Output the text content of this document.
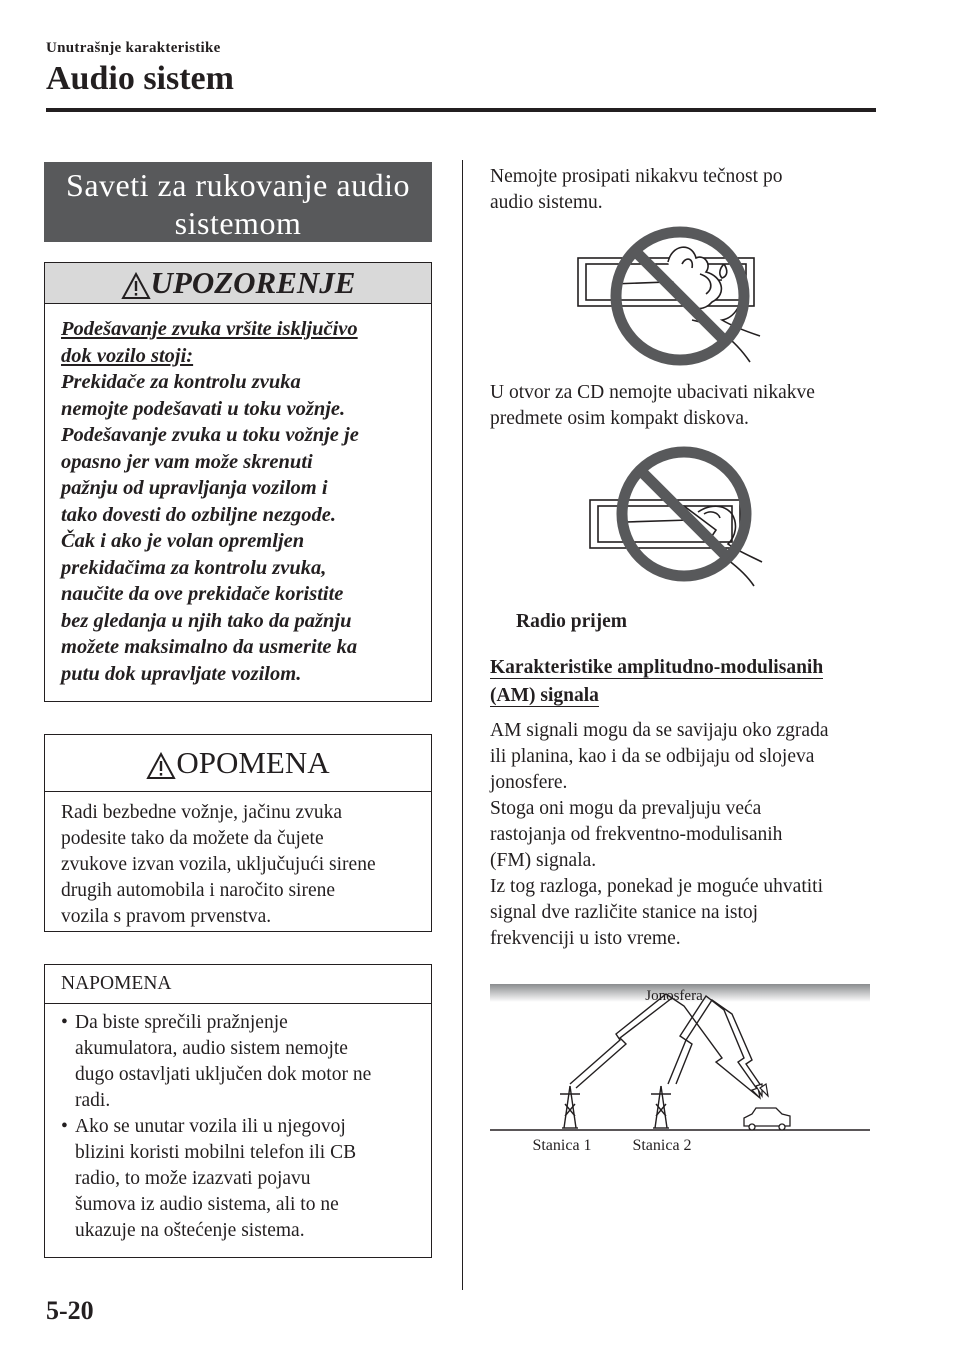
Unutrašnje karakteristike
Audio sistem
Saveti za rukovanje audio
sistemom
UPOZORENJE
Podešavanje zvuka vršite isključivo
dok vozilo stoji:
Prekidače za kontrolu zvuka
nemojte podešavati u toku vožnje.
Podešavanje zvuka u toku vožnje je
opasno jer vam može skrenuti
pažnju od upravljanja vozilom i
tako dovesti do ozbiljne nezgode.
Čak i ako je volan opremljen
prekidačima za kontrolu zvuka,
naučite da ove prekidače koristite
bez gledanja u njih tako da pažnju
možete maksimalno da usmerite ka
putu dok upravljate vozilom.
OPOMENA
Radi bezbedne vožnje, jačinu zvuka
podesite tako da možete da čujete
zvukove izvan vozila, uključujući sirene
drugih automobila i naročito sirene
vozila s pravom prvenstva.
NAPOMENA
• Da biste sprečili pražnjenje
akumulatora, audio sistem nemojte
dugo ostavljati uključen dok motor ne
radi.
• Ako se unutar vozila ili u njegovoj
blizini koristi mobilni telefon ili CB
radio, to može izazvati pojavu
šumova iz audio sistema, ali to ne
ukazuje na oštećenje sistema.
Nemojte prosipati nikakvu tečnost po
audio sistemu.
U otvor za CD nemojte ubacivati nikakve
predmete osim kompakt diskova.
Radio prijem
Karakteristike amplitudno-modulisanih
(AM) signala
AM signali mogu da se savijaju oko zgrada
ili planina, kao i da se odbijaju od slojeva
jonosfere.
Stoga oni mogu da prevaljuju veća
rastojanja od frekventno-modulisanih
(FM) signala.
Iz tog razloga, ponekad je moguće uhvatiti
signal dve različite stanice na istoj
frekvenciji u isto vreme.
Jonosfera
Stanica 1	Stanica 2
5-20
